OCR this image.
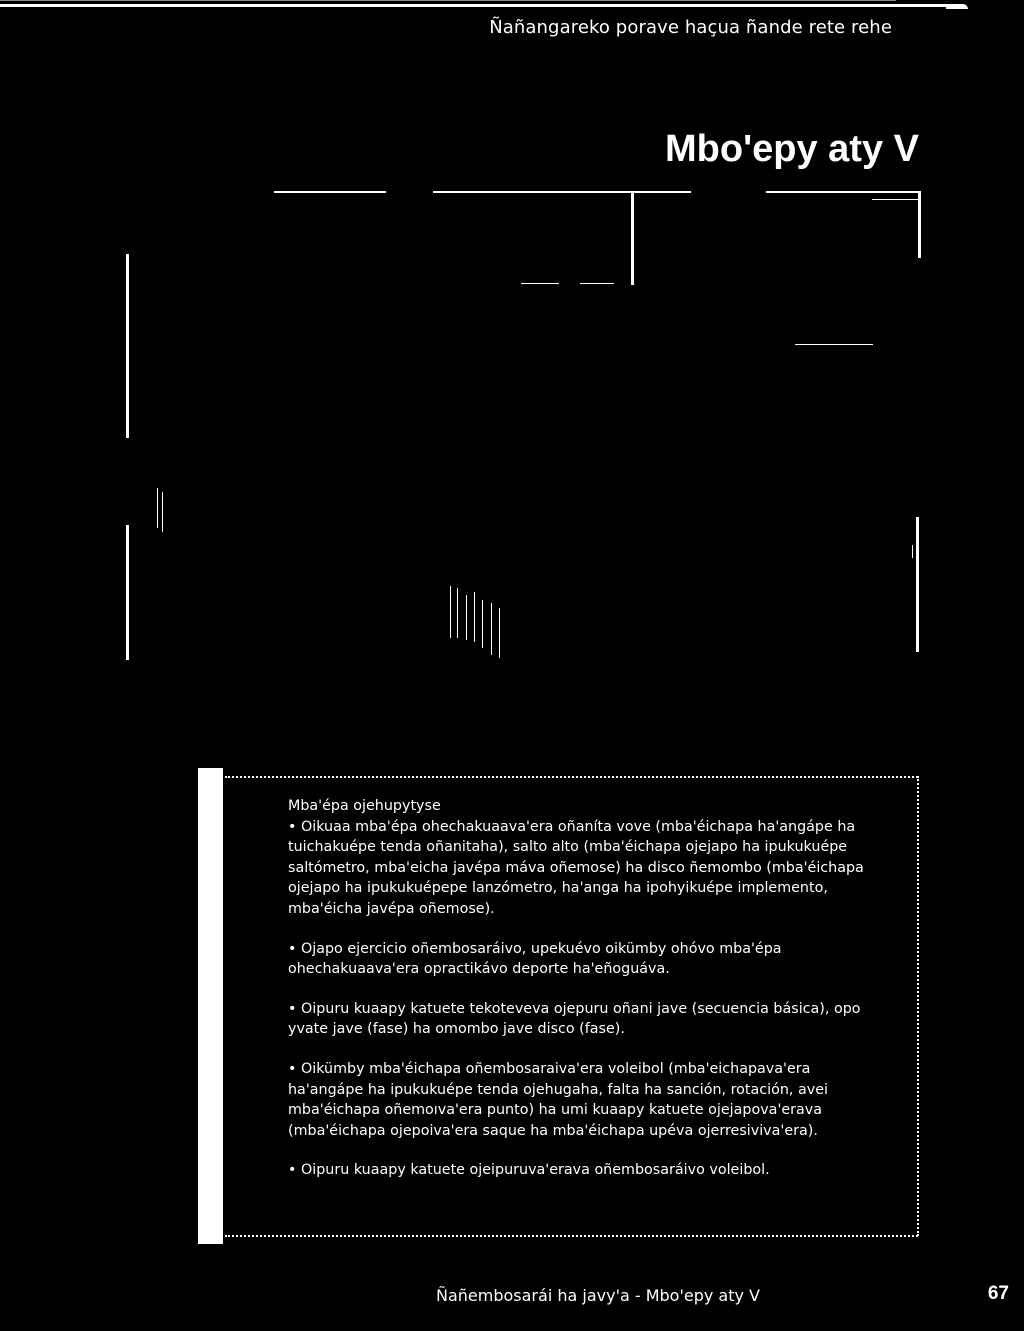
Ñañangareko porave haçua ñande rete rehe
Mbo'epy aty V
Mba'épa ojehupytyse

• Oikuaa mba'épa ohechakuaava'era oñaníta vove (mba'éichapa ha'angápe ha tuichakuépe tenda oñanitaha), salto alto (mba'éichapa ojejapo ha ipukukuépe saltómetro, mba'eicha javépa máva oñemose) ha disco ñemombo (mba'éichapa ojejapo ha ipukukuépepe lanzómetro, ha'anga ha ipohyikuépe implemento, mba'éicha javépa oñemose).

• Ojapo ejercicio oñembosaráivo, upekuévo oikümby ohóvo mba'épa ohechakuaava'era opractikávo deporte ha'eñoguáva.

• Oipuru kuaapy katuete tekoteveva ojepuru oñani jave (secuencia básica), opo yvate jave (fase) ha omombo jave disco (fase).

• Oikümby mba'éichapa oñembosaraiva'era voleibol (mba'eichapava'era ha'angápe ha ipukukuépe tenda ojehugaha, falta ha sanción, rotación, avei mba'éichapa oñemoıva'era punto) ha umi kuaapy katuete ojejapova'erava (mba'éichapa ojepoiva'era saque ha mba'éichapa upéva ojerresiviva'era).

• Oipuru kuaapy katuete ojeipuruva'erava oñembosaráivo voleibol.

Ñañembosarái ha javy'a - Mbo'epy aty V	67
